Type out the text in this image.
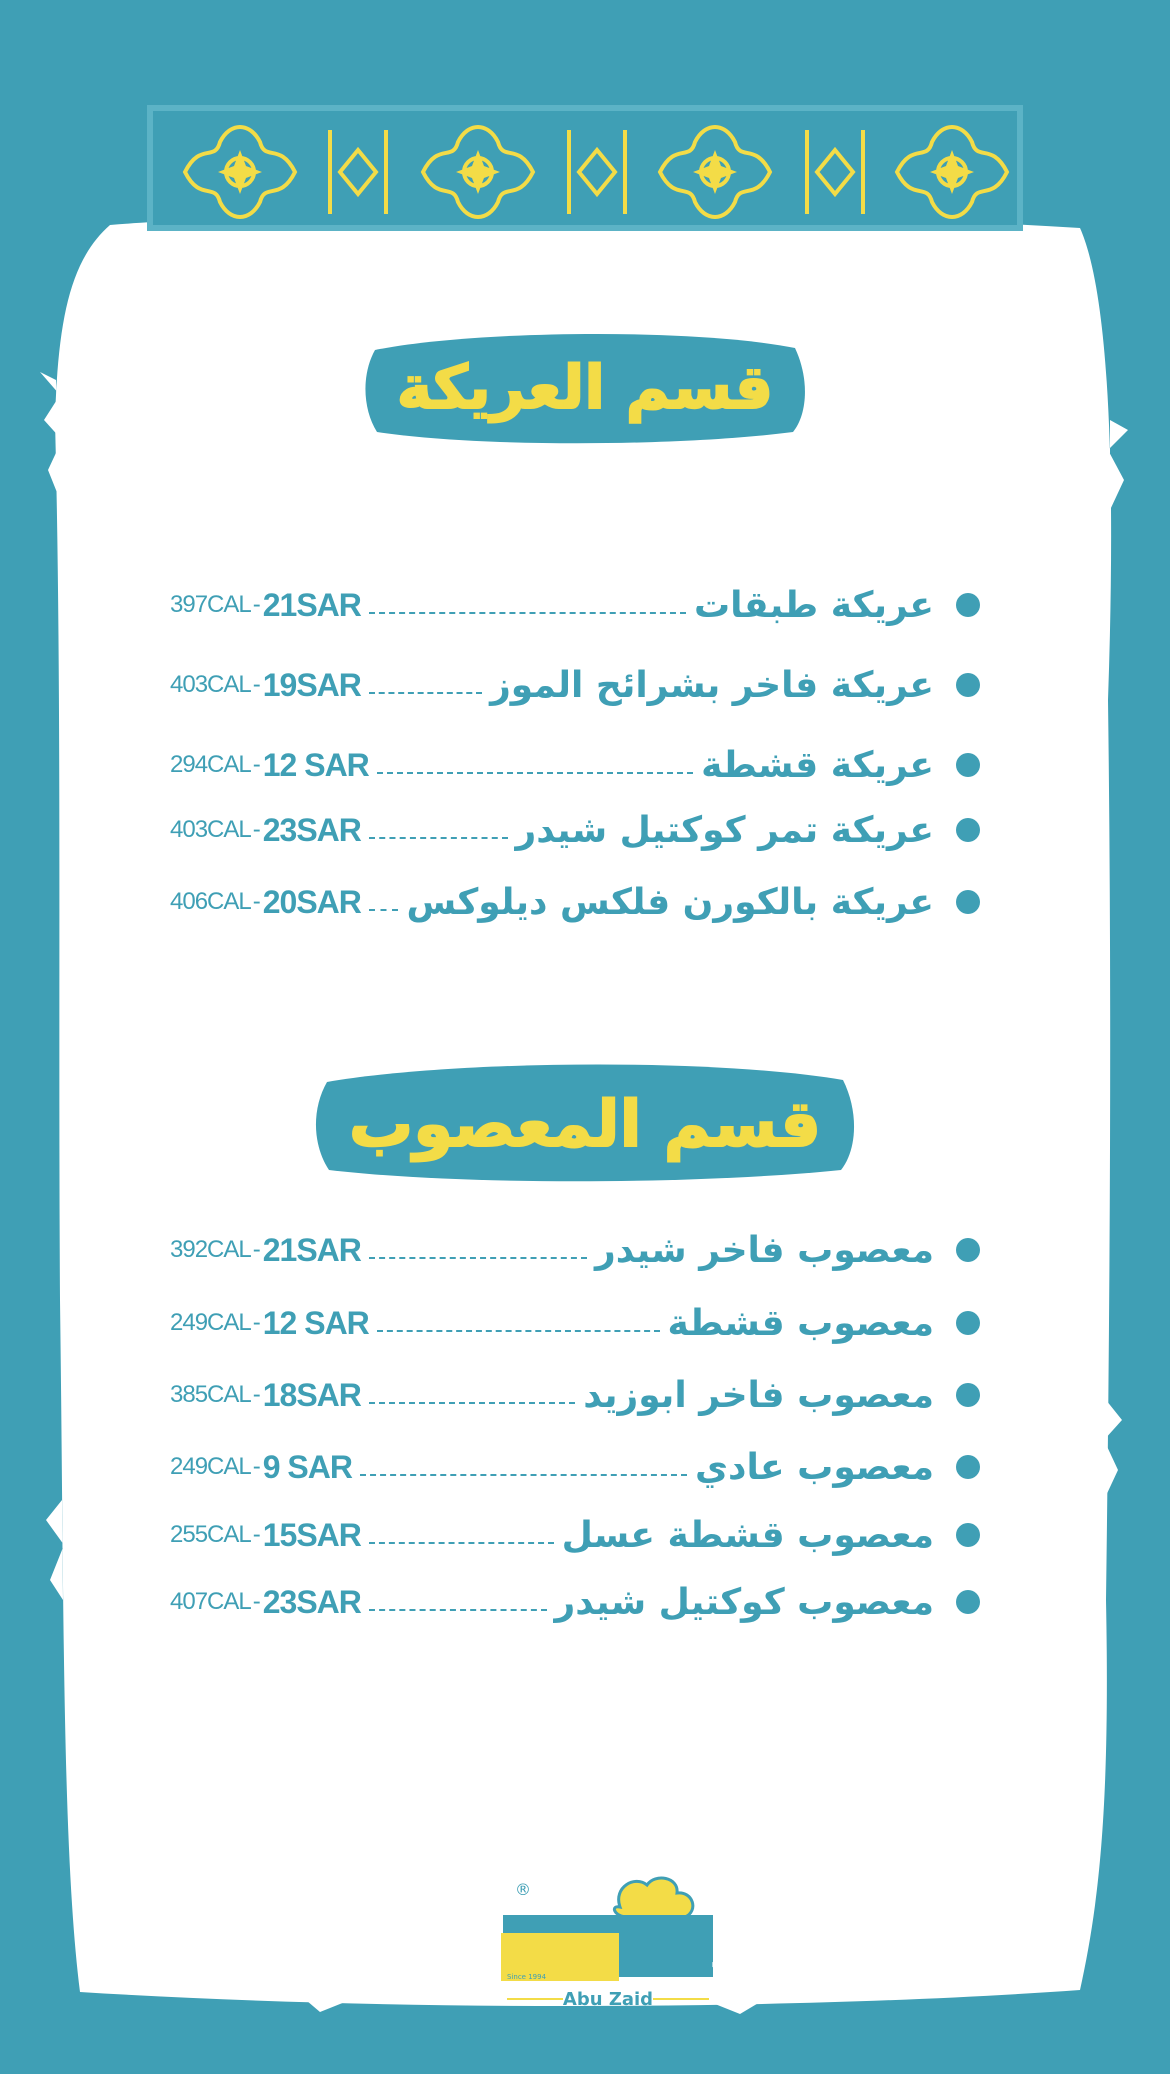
قسم العريكة
397CAL - 21SAR	عريكة طبقات
403CAL - 19SAR	عريكة فاخر بشرائح الموز
294CAL - 12 SAR	عريكة قشطة
403CAL - 23SAR	عريكة تمر كوكتيل شيدر
406CAL - 20SAR عريكة بالكورن فلكس ديلوكس
قسم المعصوب
392CAL - 21SAR	معصوب فاخر شيدر
249CAL - 12 SAR	معصوب قشطة
385CAL - 18SAR	معصوب فاخر ابوزيد
249CAL - 9 SAR	معصوب عادي
255CAL - 15SAR	معصوب قشطة عسل
407CAL - 23SAR	معصوب كوكتيل شيدر
®
أبـو زيـد
Since 1994
Abu Zaid
